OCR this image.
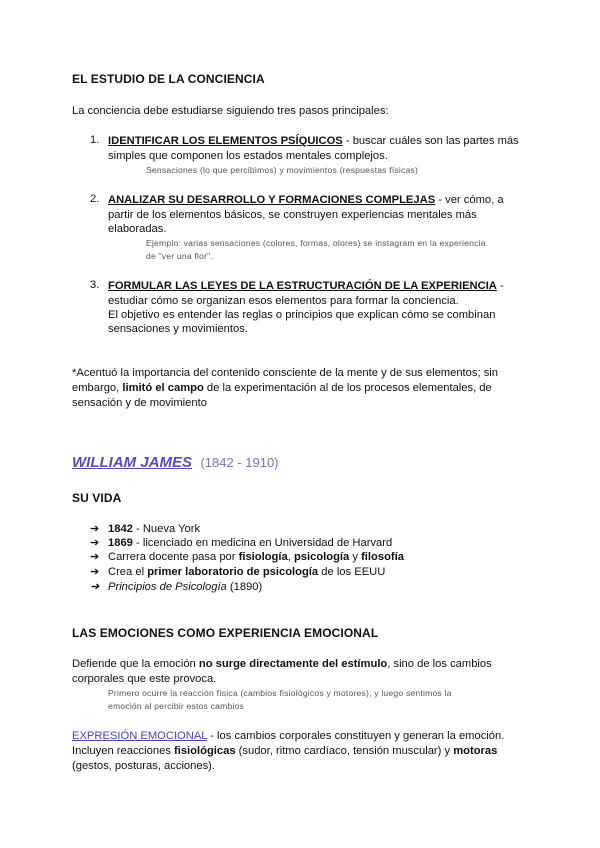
EL ESTUDIO DE LA CONCIENCIA
La conciencia debe estudiarse siguiendo tres pasos principales:
1. IDENTIFICAR LOS ELEMENTOS PSÍQUICOS - buscar cuáles son las partes más
simples que componen los estados mentales complejos.
Sensaciones (lo que percibimos) y movimientos (respuestas físicas)
2. ANALIZAR SU DESARROLLO Y FORMACIONES COMPLEJAS - ver cómo, a
partir de los elementos básicos, se construyen experiencias mentales más
elaboradas.
Ejemplo: varias sensaciones (colores, formas, olores) se instagram en la experiencia
de "ver una flor".
3. FORMULAR LAS LEYES DE LA ESTRUCTURACIÓN DE LA EXPERIENCIA -
estudiar cómo se organizan esos elementos para formar la conciencia.
El objetivo es entender las reglas o principios que explican cómo se combinan
sensaciones y movimientos.
*Acentuó la importancia del contenido consciente de la mente y de sus elementos; sin
embargo, limitó el campo de la experimentación al de los procesos elementales, de
sensación y de movimiento
WILLIAM JAMES (1842 - 1910)
SU VIDA
➔ 1842 - Nueva York
➔ 1869 - licenciado en medicina en Universidad de Harvard
➔ Carrera docente pasa por fisiología, psicología y filosofía
➔ Crea el primer laboratorio de psicología de los EEUU
➔ Principios de Psicología (1890)
LAS EMOCIONES COMO EXPERIENCIA EMOCIONAL
Defiende que la emoción no surge directamente del estímulo, sino de los cambios
corporales que este provoca.
Primero ocurre la reacción física (cambios fisiológicos y motores), y luego sentimos la
emoción al percibir estos cambios
EXPRESIÓN EMOCIONAL - los cambios corporales constituyen y generan la emoción.
Incluyen reacciones fisiológicas (sudor, ritmo cardíaco, tensión muscular) y motoras
(gestos, posturas, acciones).
